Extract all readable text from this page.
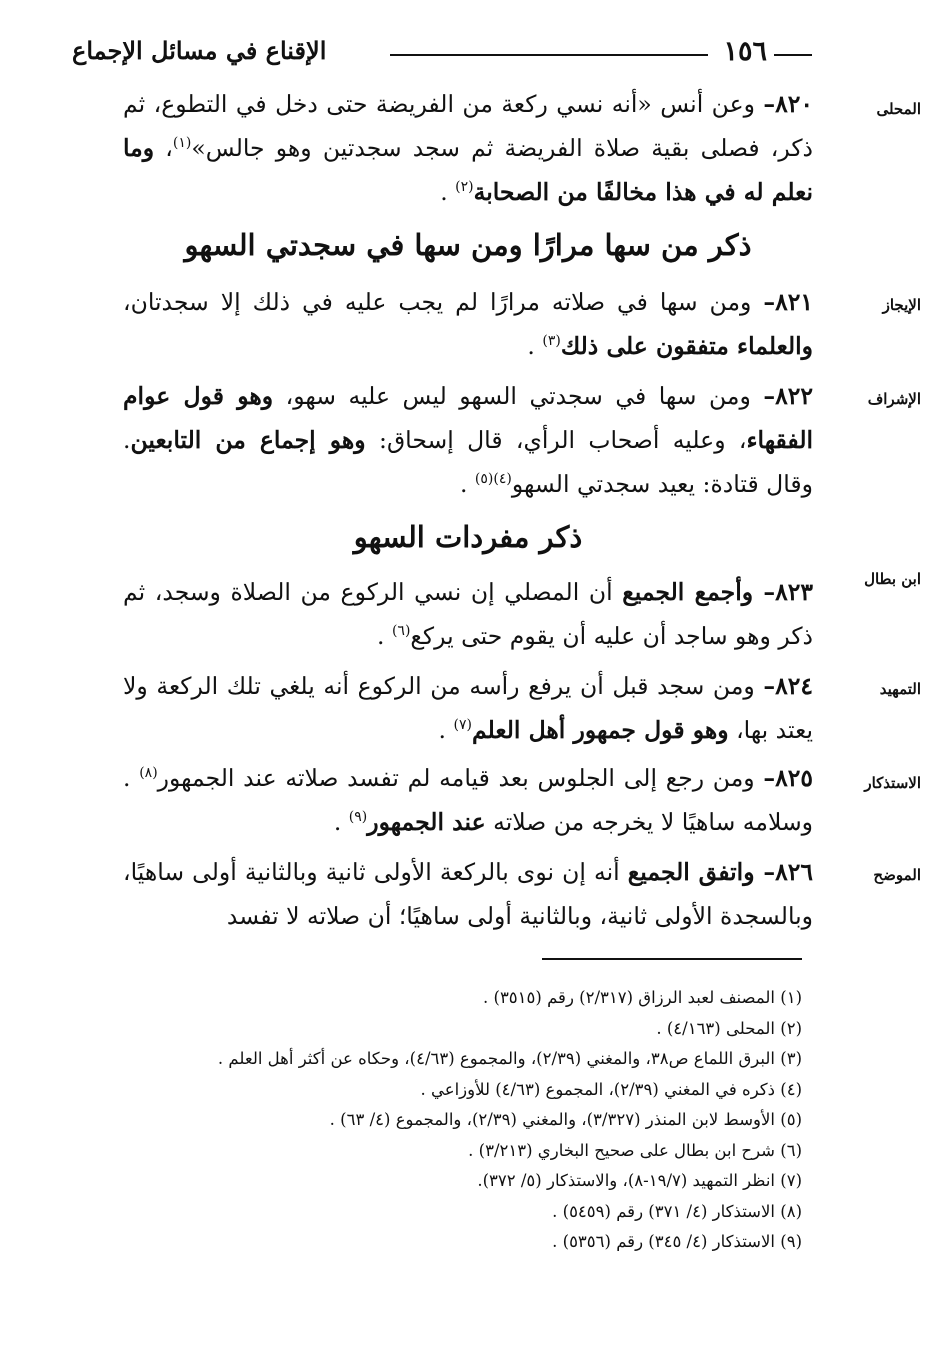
١٥٦
الإقناع في مسائل الإجماع
المحلى
٨٢٠– وعن أنس «أنه نسي ركعة من الفريضة حتى دخل في التطوع، ثم ذكر، فصلى بقية صلاة الفريضة ثم سجد سجدتين وهو جالس»$^{(١)}$، وما نعلم له في هذا مخالفًا من الصحابة$^{(٢)}$ .
ذكر من سها مرارًا ومن سها في سجدتي السهو
الإيجاز
٨٢١– ومن سها في صلاته مرارًا لم يجب عليه في ذلك إلا سجدتان، والعلماء متفقون على ذلك$^{(٣)}$ .
الإشراف
٨٢٢– ومن سها في سجدتي السهو ليس عليه سهو، وهو قول عوام الفقهاء، وعليه أصحاب الرأي، قال إسحاق: وهو إجماع من التابعين. وقال قتادة: يعيد سجدتي السهو$^{(٤)(٥)}$ .
ذكر مفردات السهو
ابن بطال
٨٢٣– وأجمع الجميع أن المصلي إن نسي الركوع من الصلاة وسجد، ثم ذكر وهو ساجد أن عليه أن يقوم حتى يركع$^{(٦)}$ .
التمهيد
٨٢٤– ومن سجد قبل أن يرفع رأسه من الركوع أنه يلغي تلك الركعة ولا يعتد بها، وهو قول جمهور أهل العلم$^{(٧)}$ .
الاستذكار
٨٢٥– ومن رجع إلى الجلوس بعد قيامه لم تفسد صلاته عند الجمهور$^{(٨)}$ . وسلامه ساهيًا لا يخرجه من صلاته عند الجمهور$^{(٩)}$ .
الموضح
٨٢٦– واتفق الجميع أنه إن نوى بالركعة الأولى ثانية وبالثانية أولى ساهيًا، وبالسجدة الأولى ثانية، وبالثانية أولى ساهيًا؛ أن صلاته لا تفسد
(١) المصنف لعبد الرزاق (٢/٣١٧) رقم (٣٥١٥) .
(٢) المحلى (٤/١٦٣) .
(٣) البرق اللماع ص٣٨، والمغني (٢/٣٩)، والمجموع (٤/٦٣)، وحكاه عن أكثر أهل العلم .
(٤) ذكره في المغني (٢/٣٩)، المجموع (٤/٦٣) للأوزاعي .
(٥) الأوسط لابن المنذر (٣/٣٢٧)، والمغني (٢/٣٩)، والمجموع (٤/ ٦٣) .
(٦) شرح ابن بطال على صحيح البخاري (٣/٢١٣) .
(٧) انظر التمهيد (١٩/٧-٨)، والاستذكار (٥/ ٣٧٢).
(٨) الاستذكار (٤/ ٣٧١) رقم (٥٤٥٩) .
(٩) الاستذكار (٤/ ٣٤٥) رقم (٥٣٥٦) .
